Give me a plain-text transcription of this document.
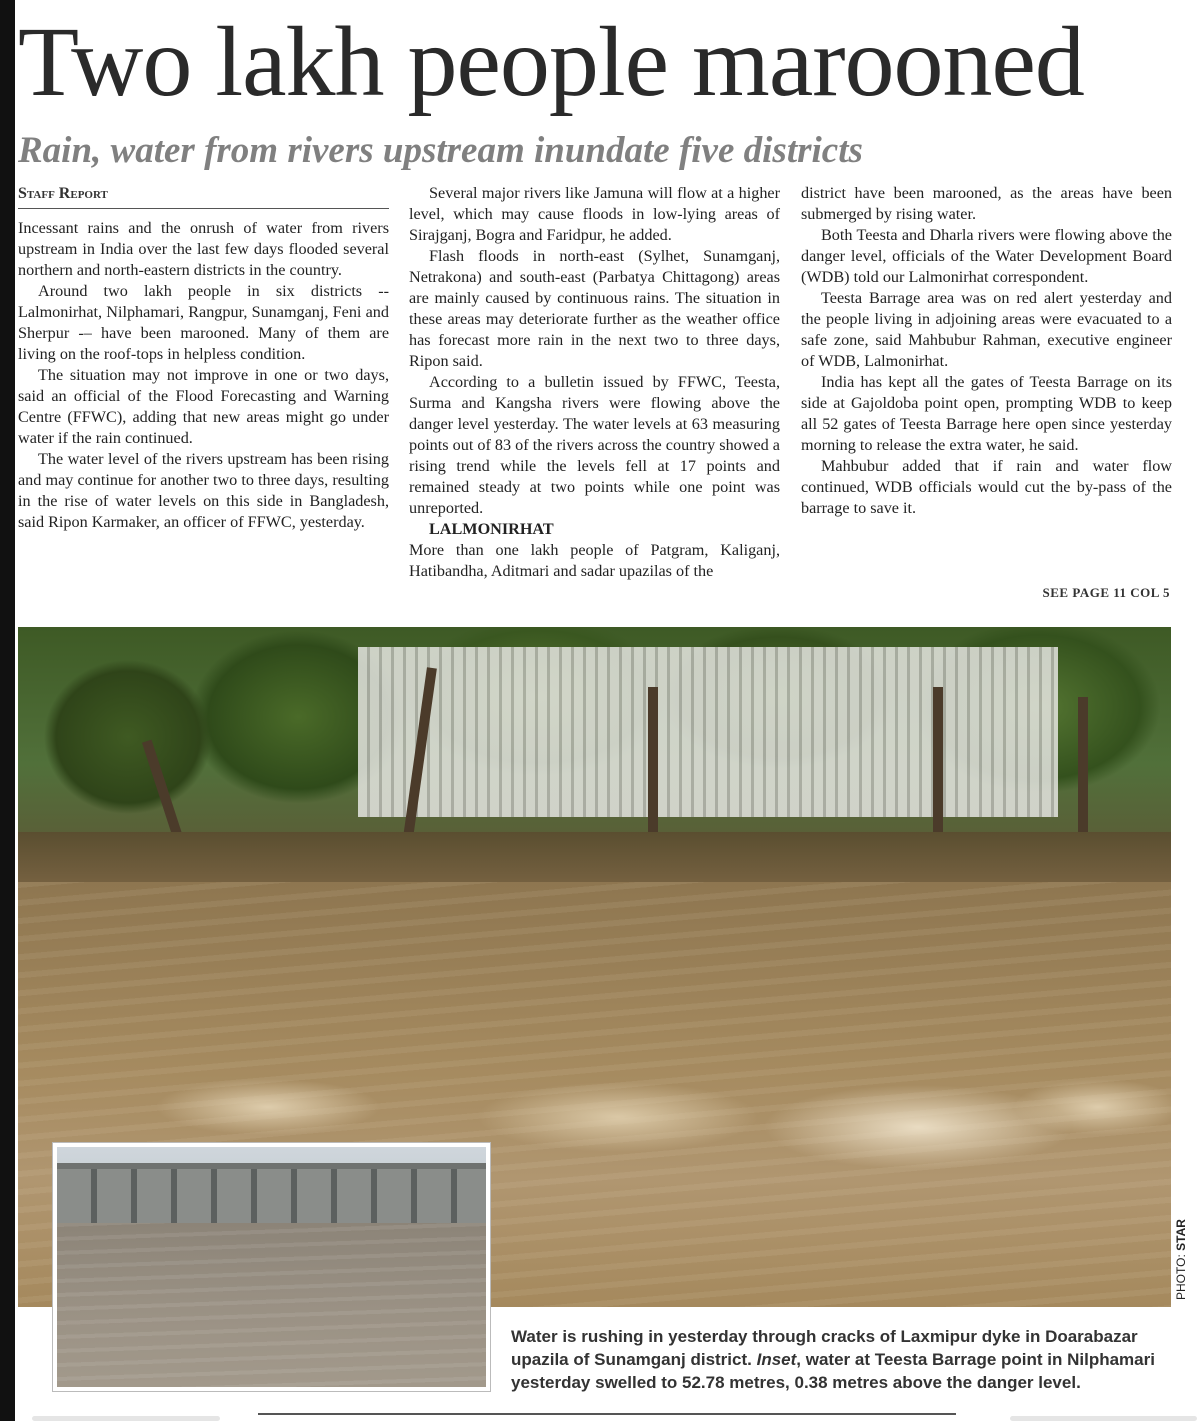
Two lakh people marooned
Rain, water from rivers upstream inundate five districts
Staff Report

Incessant rains and the onrush of water from rivers upstream in India over the last few days flooded several northern and north-eastern districts in the country.

Around two lakh people in six districts -- Lalmonirhat, Nilphamari, Rangpur, Sunamganj, Feni and Sherpur -– have been marooned. Many of them are living on the roof-tops in helpless condition.

The situation may not improve in one or two days, said an official of the Flood Forecasting and Warning Centre (FFWC), adding that new areas might go under water if the rain continued.

The water level of the rivers upstream has been rising and may continue for another two to three days, resulting in the rise of water levels on this side in Bangladesh, said Ripon Karmaker, an officer of FFWC, yesterday.

Several major rivers like Jamuna will flow at a higher level, which may cause floods in low-lying areas of Sirajganj, Bogra and Faridpur, he added.

Flash floods in north-east (Sylhet, Sunamganj, Netrakona) and south-east (Parbatya Chittagong) areas are mainly caused by continuous rains. The situation in these areas may deteriorate further as the weather office has forecast more rain in the next two to three days, Ripon said.

According to a bulletin issued by FFWC, Teesta, Surma and Kangsha rivers were flowing above the danger level yesterday. The water levels at 63 measuring points out of 83 of the rivers across the country showed a rising trend while the levels fell at 17 points and remained steady at two points while one point was unreported.

LALMONIRHAT

More than one lakh people of Patgram, Kaliganj, Hatibandha, Aditmari and sadar upazilas of the

district have been marooned, as the areas have been submerged by rising water.

Both Teesta and Dharla rivers were flowing above the danger level, officials of the Water Development Board (WDB) told our Lalmonirhat correspondent.

Teesta Barrage area was on red alert yesterday and the people living in adjoining areas were evacuated to a safe zone, said Mahbubur Rahman, executive engineer of WDB, Lalmonirhat.

India has kept all the gates of Teesta Barrage on its side at Gajoldoba point open, prompting WDB to keep all 52 gates of Teesta Barrage here open since yesterday morning to release the extra water, he said.

Mahbubur added that if rain and water flow continued, WDB officials would cut the by-pass of the barrage to save it.

SEE PAGE 11 COL 5
PHOTO: STAR
Water is rushing in yesterday through cracks of Laxmipur dyke in Doarabazar upazila of Sunamganj district. Inset, water at Teesta Barrage point in Nilphamari yesterday swelled to 52.78 metres, 0.38 metres above the danger level.
